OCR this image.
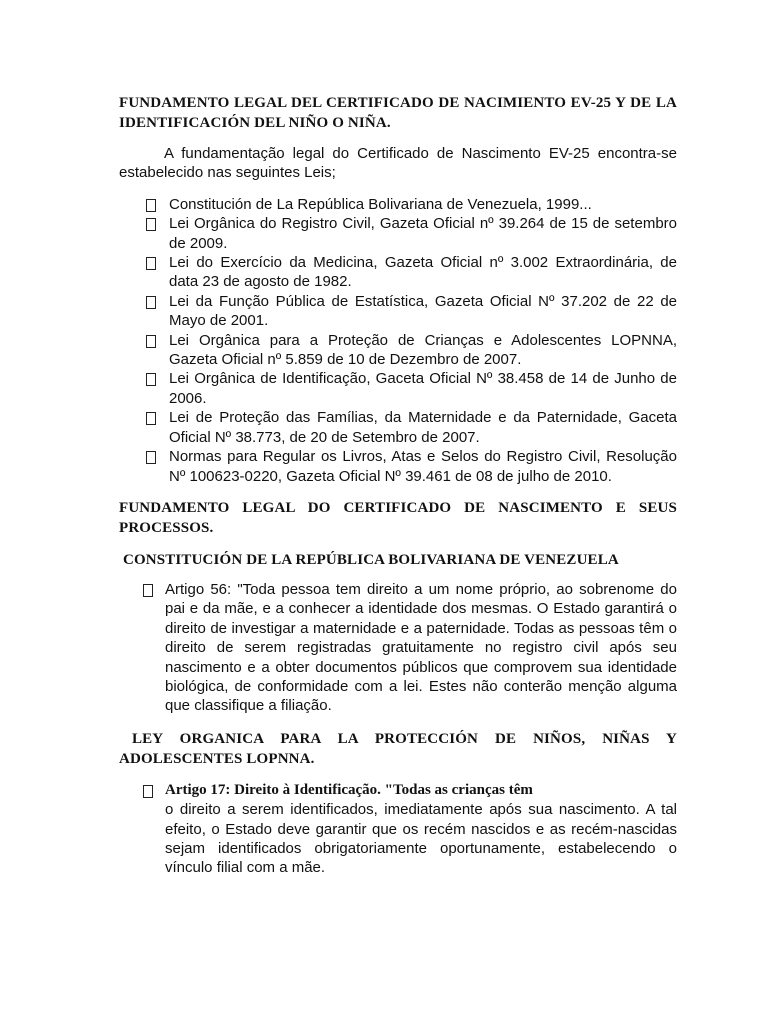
FUNDAMENTO LEGAL DEL CERTIFICADO DE NACIMIENTO EV-25 Y DE LA IDENTIFICACIÓN DEL NIÑO O NIÑA.
A fundamentação legal do Certificado de Nascimento EV-25 encontra-se estabelecido nas seguintes Leis;
Constitución de La República Bolivariana de Venezuela, 1999...
Lei Orgânica do Registro Civil, Gazeta Oficial nº 39.264 de 15 de setembro de 2009.
Lei do Exercício da Medicina, Gazeta Oficial nº 3.002 Extraordinária, de data 23 de agosto de 1982.
Lei da Função Pública de Estatística, Gazeta Oficial Nº 37.202 de 22 de Mayo de 2001.
Lei Orgânica para a Proteção de Crianças e Adolescentes LOPNNA, Gazeta Oficial nº 5.859 de 10 de Dezembro de 2007.
Lei Orgânica de Identificação, Gaceta Oficial Nº 38.458 de 14 de Junho de 2006.
Lei de Proteção das Famílias, da Maternidade e da Paternidade, Gaceta Oficial Nº 38.773, de 20 de Setembro de 2007.
Normas para Regular os Livros, Atas e Selos do Registro Civil, Resolução Nº 100623-0220, Gazeta Oficial Nº 39.461 de 08 de julho de 2010.
FUNDAMENTO LEGAL DO CERTIFICADO DE NASCIMENTO E SEUS PROCESSOS.
CONSTITUCIÓN DE LA REPÚBLICA BOLIVARIANA DE VENEZUELA
Artigo 56: "Toda pessoa tem direito a um nome próprio, ao sobrenome do pai e da mãe, e a conhecer a identidade dos mesmas. O Estado garantirá o direito de investigar a maternidade e a paternidade. Todas as pessoas têm o direito de serem registradas gratuitamente no registro civil após seu nascimento e a obter documentos públicos que comprovem sua identidade biológica, de conformidade com a lei. Estes não conterão menção alguma que classifique a filiação.
LEY ORGANICA PARA LA PROTECCIÓN DE NIÑOS, NIÑAS Y
ADOLESCENTES LOPNNA.
Artigo 17: Direito à Identificação. "Todas as crianças têm
o direito a serem identificados, imediatamente após sua nascimento. A tal efeito, o Estado deve garantir que os recém nascidos e as recém-nascidas sejam identificados obrigatoriamente oportunamente, estabelecendo o vínculo filial com a mãe.
